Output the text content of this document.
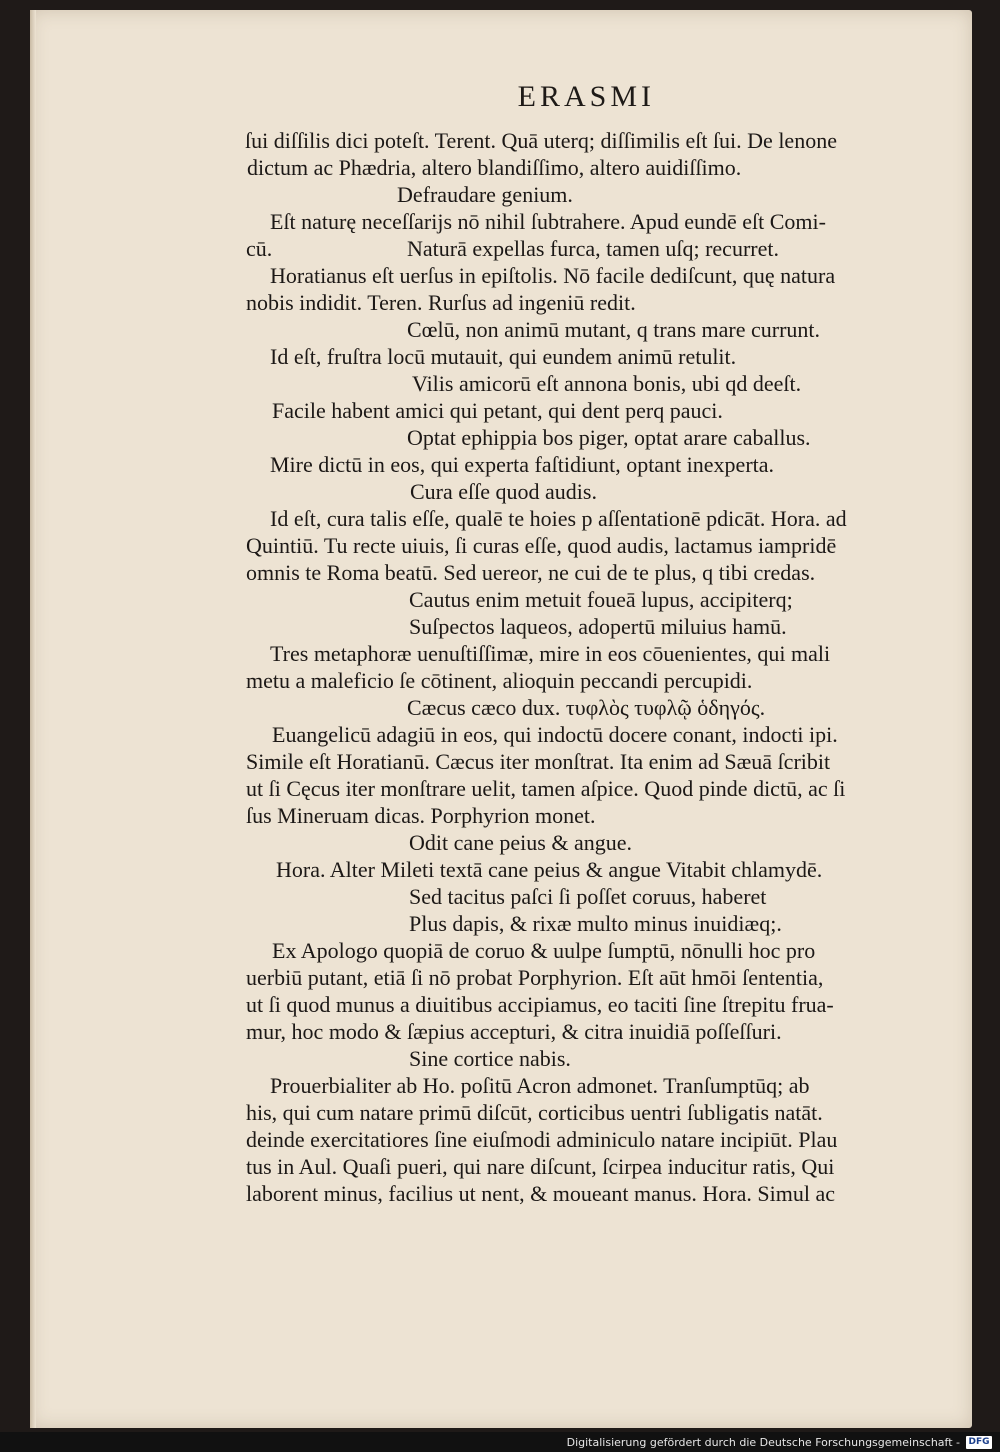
ERASMI
ſui diſſilis dici poteſt. Terent. Quā uterq; diſſimilis eſt ſui. De lenone
dictum ac Phædria, altero blandiſſimo, altero auidiſſimo.
Defraudare genium.
Eſt naturę neceſſarijs nō nihil ſubtrahere. Apud eundē eſt Comi-
cū.	Naturā expellas furca, tamen uſq; recurret.
Horatianus eſt uerſus in epiſtolis. Nō facile dediſcunt, quę natura
nobis indidit. Teren. Rurſus ad ingeniū redit.
Cœlū, non animū mutant, q trans mare currunt.
Id eſt, fruſtra locū mutauit, qui eundem animū retulit.
Vilis amicorū eſt annona bonis, ubi qd deeſt.
Facile habent amici qui petant, qui dent perq pauci.
Optat ephippia bos piger, optat arare caballus.
Mire dictū in eos, qui experta faſtidiunt, optant inexperta.
Cura eſſe quod audis.
Id eſt, cura talis eſſe, qualē te hoies p aſſentationē pdicāt. Hora. ad
Quintiū. Tu recte uiuis, ſi curas eſſe, quod audis, lactamus iampridē
omnis te Roma beatū. Sed uereor, ne cui de te plus, q tibi credas.
Cautus enim metuit foueā lupus, accipiterq;
Suſpectos laqueos, adopertū miluius hamū.
Tres metaphoræ uenuſtiſſimæ, mire in eos cōuenientes, qui mali
metu a maleficio ſe cōtinent, alioquin peccandi percupidi.
Cæcus cæco dux. τυφλὸς τυφλῷ ὁδηγός.
Euangelicū adagiū in eos, qui indoctū docere conant, indocti ipi.
Simile eſt Horatianū. Cæcus iter monſtrat. Ita enim ad Sæuā ſcribit
ut ſi Cęcus iter monſtrare uelit, tamen aſpice. Quod pinde dictū, ac ſi
ſus Mineruam dicas. Porphyrion monet.
Odit cane peius & angue.
Hora. Alter Mileti textā cane peius & angue Vitabit chlamydē.
Sed tacitus paſci ſi poſſet coruus, haberet
Plus dapis, & rixæ multo minus inuidiæq;.
Ex Apologo quopiā de coruo & uulpe ſumptū, nōnulli hoc pro
uerbiū putant, etiā ſi nō probat Porphyrion. Eſt aūt hmōi ſententia,
ut ſi quod munus a diuitibus accipiamus, eo taciti ſine ſtrepitu frua-
mur, hoc modo & ſæpius accepturi, & citra inuidiā poſſeſſuri.
Sine cortice nabis.
Prouerbialiter ab Ho. poſitū Acron admonet. Tranſumptūq; ab
his, qui cum natare primū diſcūt, corticibus uentri ſubligatis natāt.
deinde exercitatiores ſine eiuſmodi adminiculo natare incipiūt. Plau
tus in Aul. Quaſi pueri, qui nare diſcunt, ſcirpea inducitur ratis, Qui
laborent minus, facilius ut nent, & moueant manus. Hora. Simul ac
Digitalisierung gefördert durch die Deutsche Forschungsgemeinschaft - DFG
